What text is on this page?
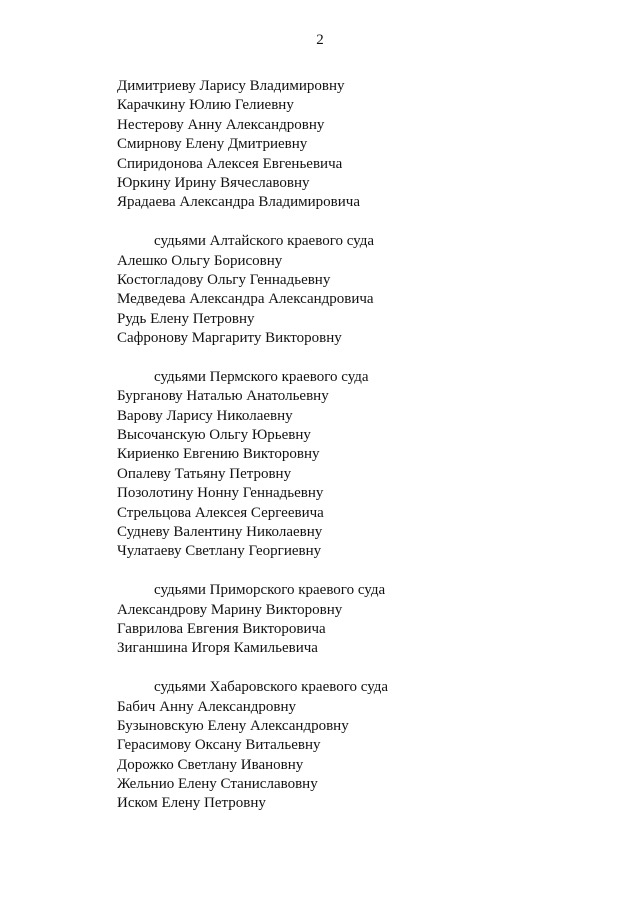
2
Димитриеву Ларису Владимировну
Карачкину Юлию Гелиевну
Нестерову Анну Александровну
Смирнову Елену Дмитриевну
Спиридонова Алексея Евгеньевича
Юркину Ирину Вячеславовну
Ярадаева Александра Владимировича
судьями Алтайского краевого суда
Алешко Ольгу Борисовну
Костогладову Ольгу Геннадьевну
Медведева Александра Александровича
Рудь Елену Петровну
Сафронову Маргариту Викторовну
судьями Пермского краевого суда
Бурганову Наталью Анатольевну
Варову Ларису Николаевну
Высочанскую Ольгу Юрьевну
Кириенко Евгению Викторовну
Опалеву Татьяну Петровну
Позолотину Нонну Геннадьевну
Стрельцова Алексея Сергеевича
Судневу Валентину Николаевну
Чулатаеву Светлану Георгиевну
судьями Приморского краевого суда
Александрову Марину Викторовну
Гаврилова Евгения Викторовича
Зиганшина Игоря Камильевича
судьями Хабаровского краевого суда
Бабич Анну Александровну
Бузыновскую Елену Александровну
Герасимову Оксану Витальевну
Дорожко Светлану Ивановну
Жельнио Елену Станиславовну
Иском Елену Петровну
